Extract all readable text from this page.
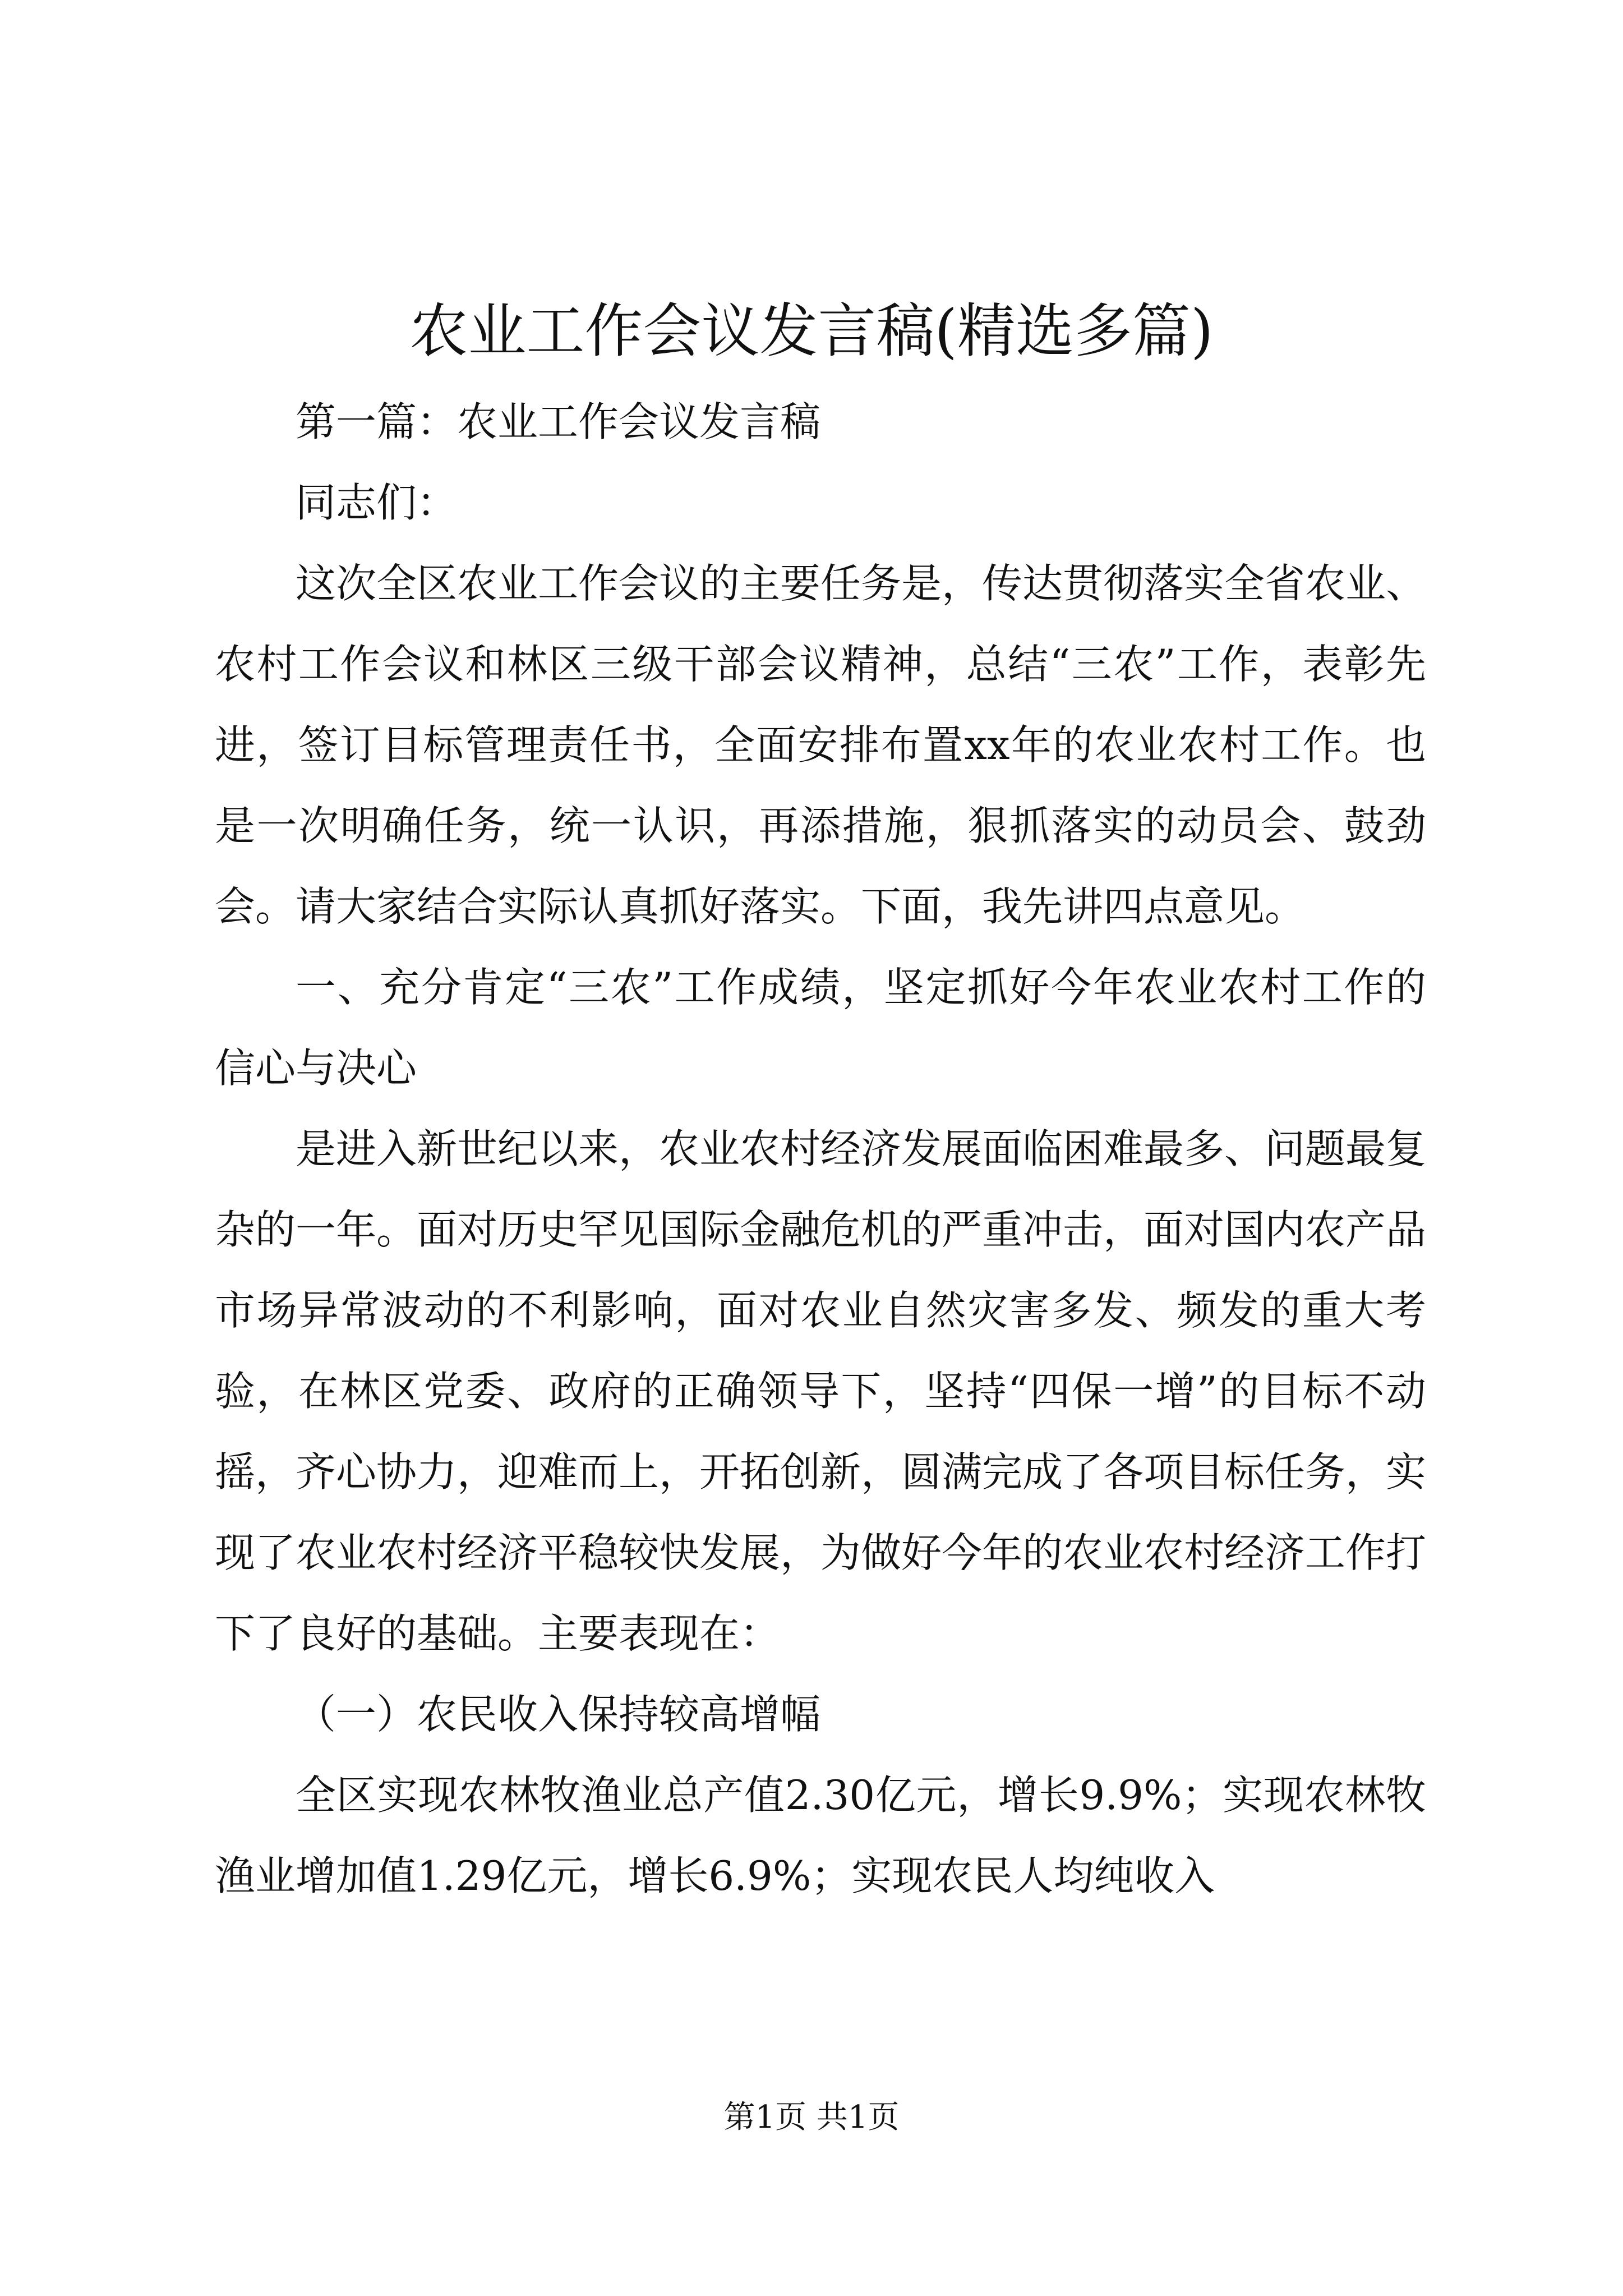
农业工作会议发言稿(精选多篇)

第一篇：农业工作会议发言稿

同志们：

这次全区农业工作会议的主要任务是，传达贯彻落实全省农业、农村工作会议和林区三级干部会议精神，总结“三农”工作，表彰先进，签订目标管理责任书，全面安排布置xx年的农业农村工作。也是一次明确任务，统一认识，再添措施，狠抓落实的动员会、鼓劲会。请大家结合实际认真抓好落实。下面，我先讲四点意见。

一、充分肯定“三农”工作成绩，坚定抓好今年农业农村工作的信心与决心

是进入新世纪以来，农业农村经济发展面临困难最多、问题最复杂的一年。面对历史罕见国际金融危机的严重冲击，面对国内农产品市场异常波动的不利影响，面对农业自然灾害多发、频发的重大考验，在林区党委、政府的正确领导下，坚持“四保一增”的目标不动摇，齐心协力，迎难而上，开拓创新，圆满完成了各项目标任务，实现了农业农村经济平稳较快发展，为做好今年的农业农村经济工作打下了良好的基础。主要表现在：

（一）农民收入保持较高增幅

全区实现农林牧渔业总产值2.30亿元，增长9.9%；实现农林牧渔业增加值1.29亿元，增长6.9%；实现农民人均纯收入

第1页 共1页
